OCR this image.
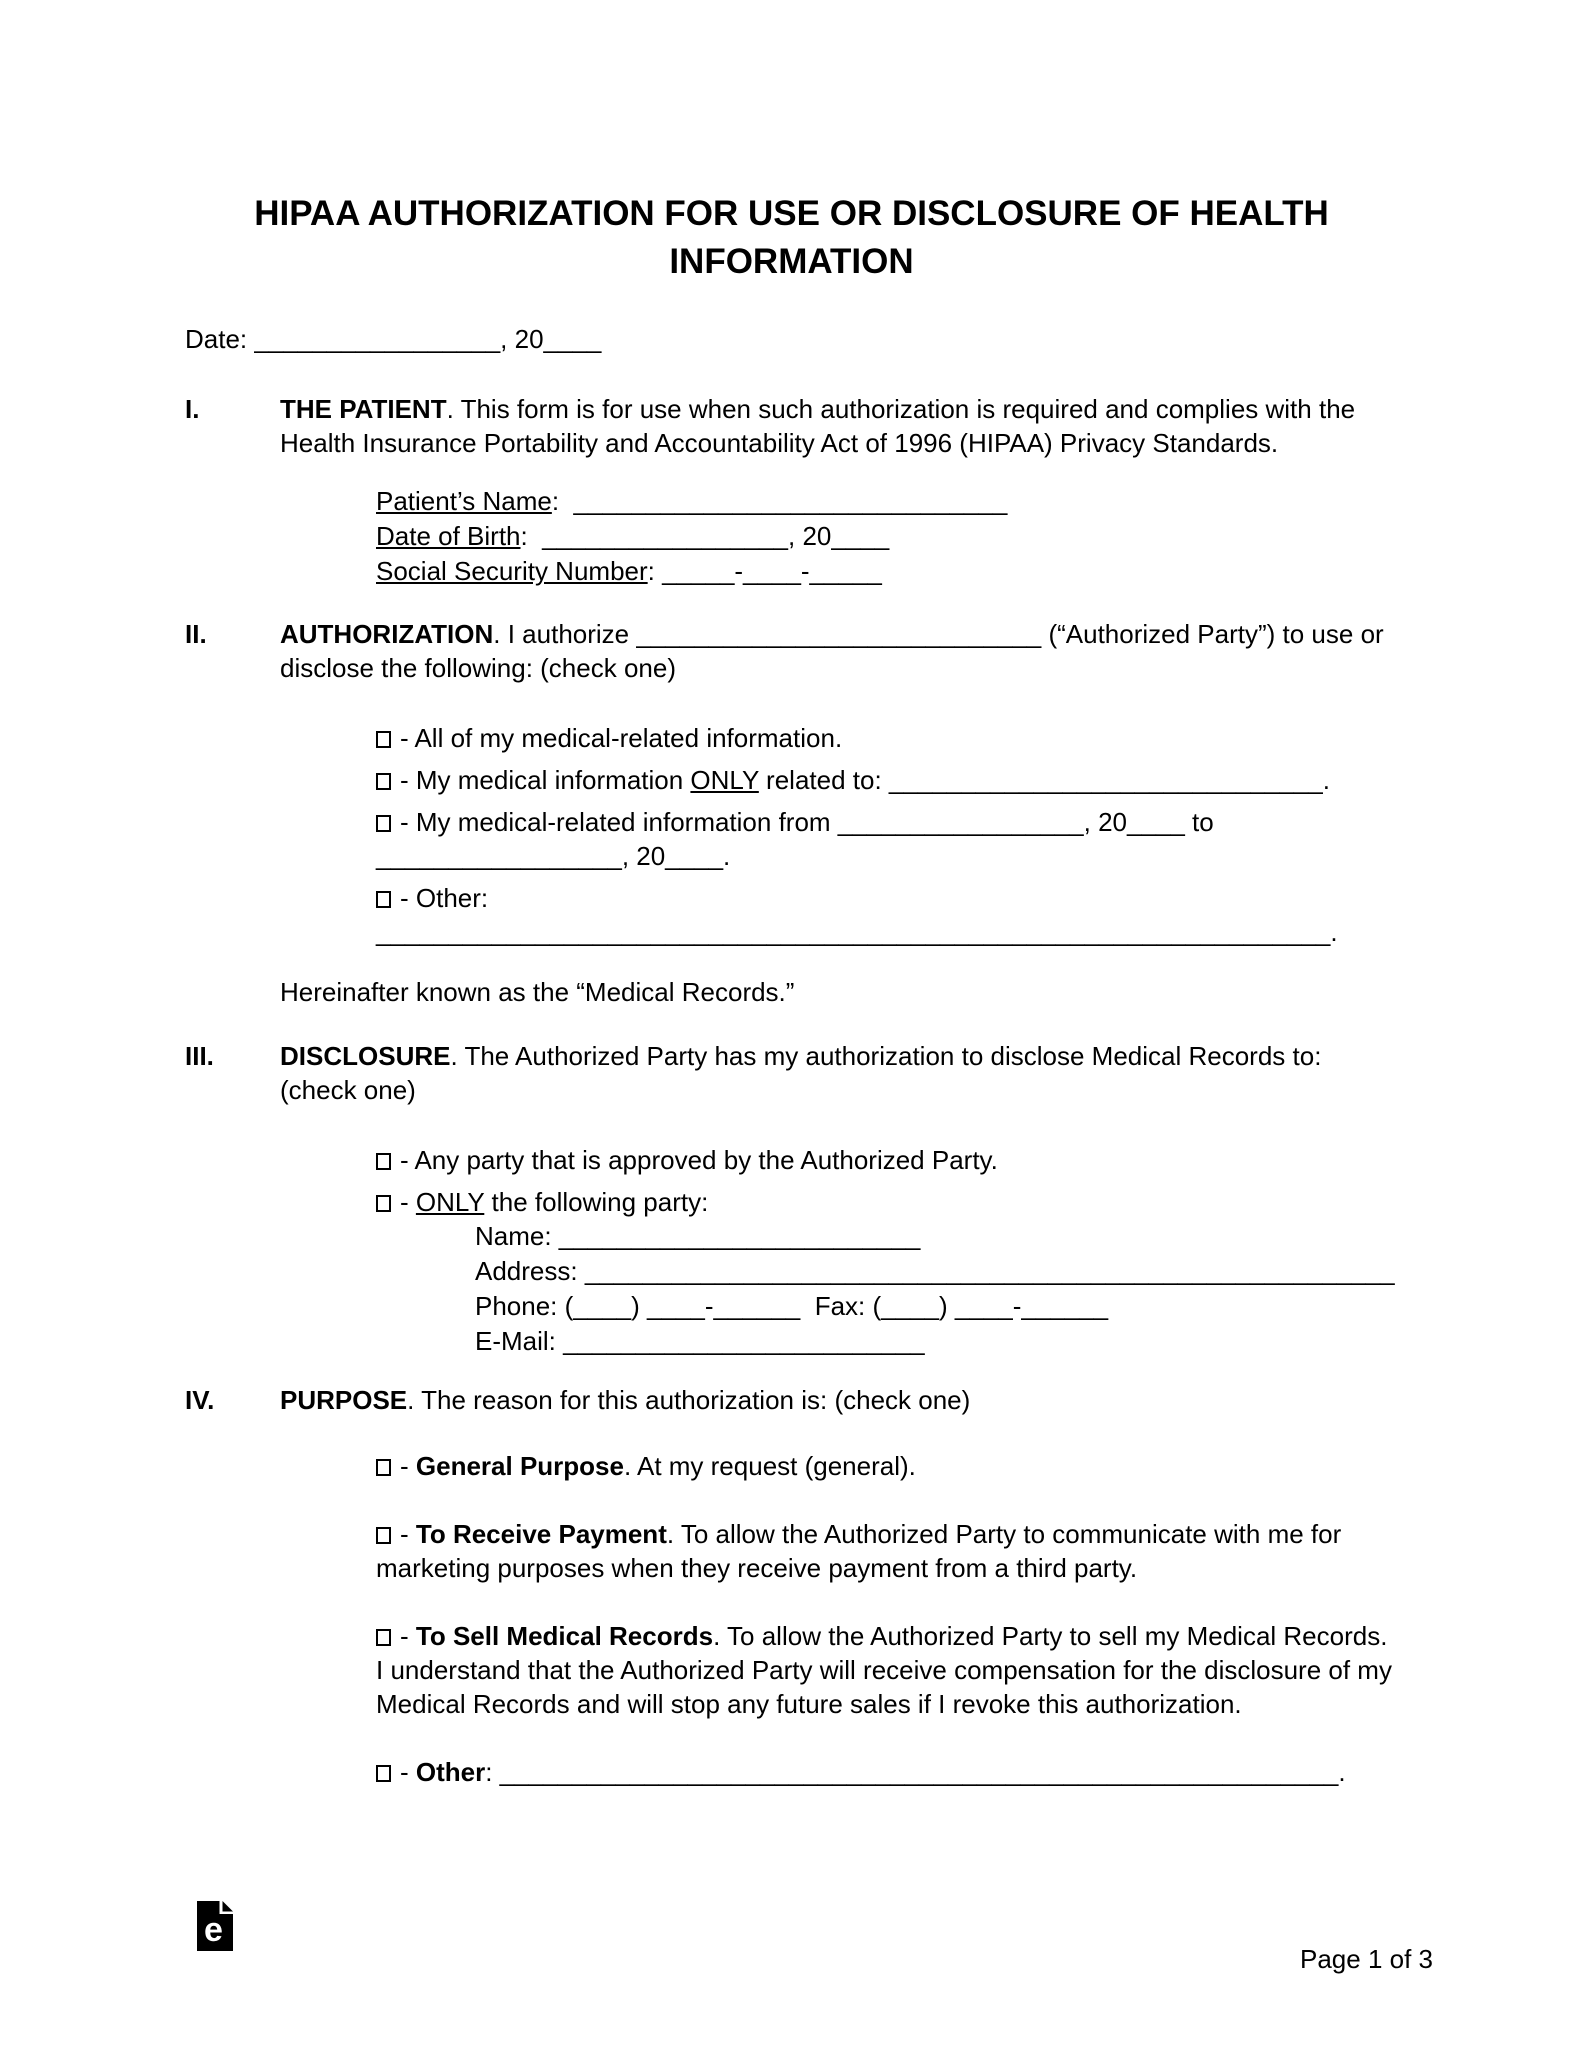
HIPAA AUTHORIZATION FOR USE OR DISCLOSURE OF HEALTH INFORMATION
Date: _________________, 20____
I.	THE PATIENT. This form is for use when such authorization is required and complies with the Health Insurance Portability and Accountability Act of 1996 (HIPAA) Privacy Standards.

Patient’s Name:  ______________________________
Date of Birth:  _________________, 20____
Social Security Number: _____-____-_____
II.	AUTHORIZATION. I authorize ____________________________ (“Authorized Party”) to use or disclose the following: (check one)

- All of my medical-related information.
- My medical information ONLY related to: ______________________________.
- My medical-related information from _________________, 20____ to _________________, 20____.
- Other: __________________________________________________________________.

Hereinafter known as the “Medical Records.”

III.	DISCLOSURE. The Authorized Party has my authorization to disclose Medical Records to: (check one)

- Any party that is approved by the Authorized Party.
- ONLY the following party:
Name: _________________________
Address: ________________________________________________________
Phone: (____) ____-______  Fax: (____) ____-______
E-Mail: _________________________
IV.	PURPOSE. The reason for this authorization is: (check one)

- General Purpose. At my request (general).
- To Receive Payment. To allow the Authorized Party to communicate with me for marketing purposes when they receive payment from a third party.
- To Sell Medical Records. To allow the Authorized Party to sell my Medical Records. I understand that the Authorized Party will receive compensation for the disclosure of my Medical Records and will stop any future sales if I revoke this authorization.
- Other: __________________________________________________________.
e
Page 1 of 3
